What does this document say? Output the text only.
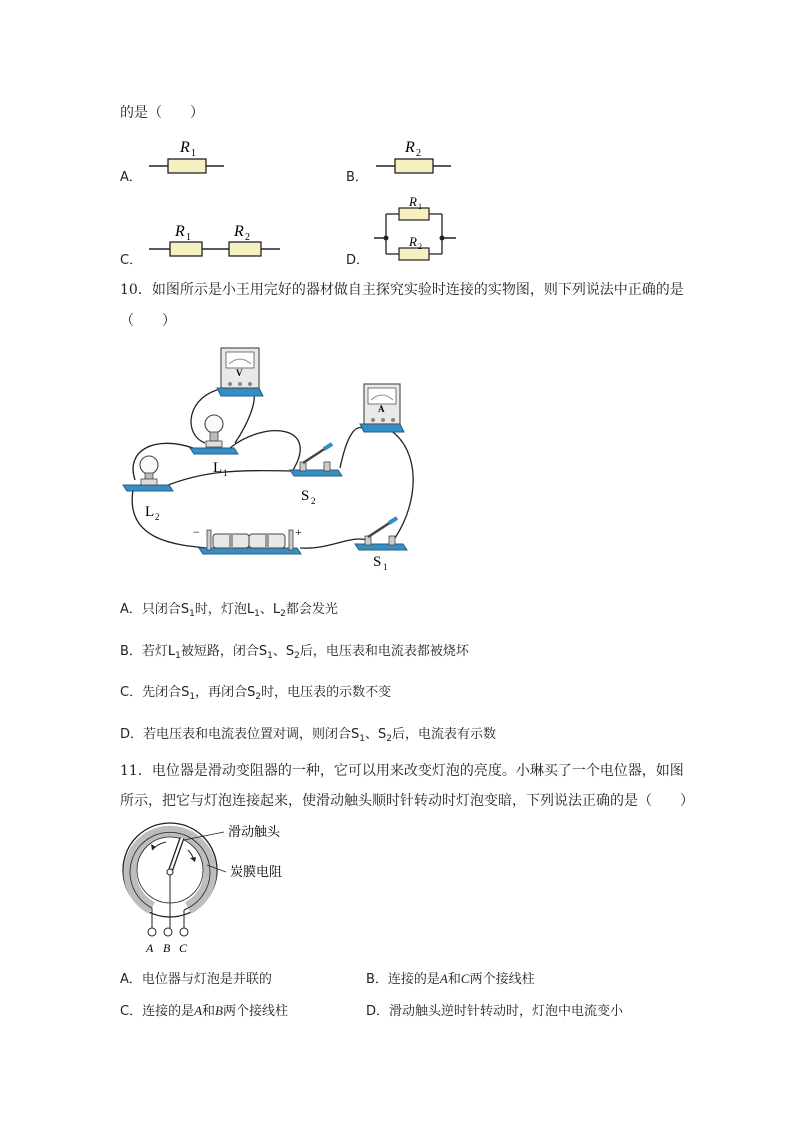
的是（　　）
A．
R 1
B．
R 2
C．
R 1	R 2
D．
R 1
R 2
10．如图所示是小王用完好的器材做自主探究实验时连接的实物图，则下列说法中正确的是
（　　）
V
A
L 1
L 2
S 2
−	+
S 1
A．只闭合$S_1$时，灯泡$L_1$、$L_2$都会发光
B．若灯$L_1$被短路，闭合$S_1$、$S_2$后，电压表和电流表都被烧坏
C．先闭合$S_1$，再闭合$S_2$时，电压表的示数不变
D．若电压表和电流表位置对调，则闭合$S_1$、$S_2$后，电流表有示数
11．电位器是滑动变阻器的一种，它可以用来改变灯泡的亮度。小琳买了一个电位器，如图
所示，把它与灯泡连接起来，使滑动触头顺时针转动时灯泡变暗，下列说法正确的是（　　）
滑动触头
炭膜电阻
A B C
A．电位器与灯泡是并联的	B．连接的是A和C两个接线柱
C．连接的是A和B两个接线柱	D．滑动触头逆时针转动时，灯泡中电流变小
